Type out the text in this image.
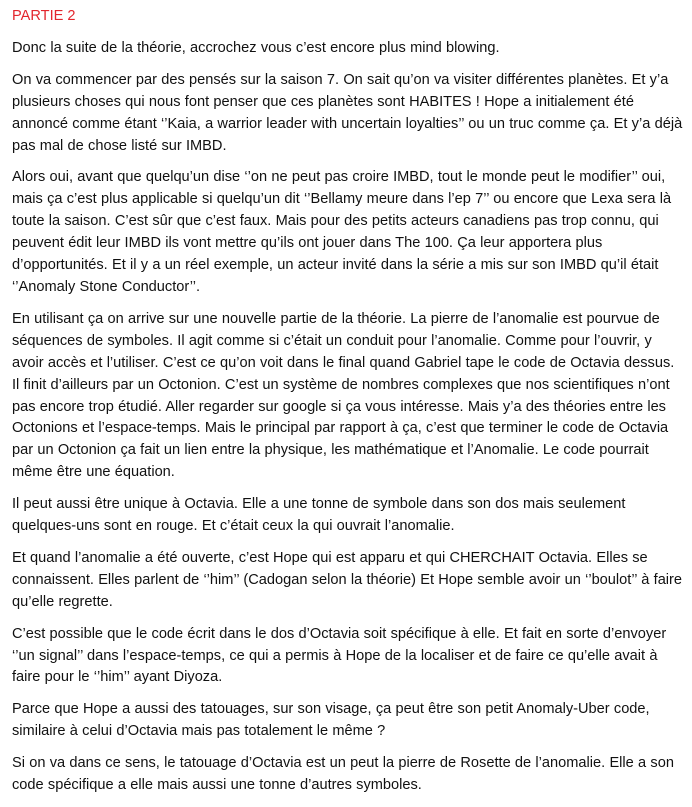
PARTIE 2

Donc la suite de la théorie, accrochez vous c’est encore plus mind blowing.

On va commencer par des pensés sur la saison 7. On sait qu’on va visiter différentes planètes. Et y’a plusieurs choses qui nous font penser que ces planètes sont HABITES ! Hope a initialement été annoncé comme étant ‘’Kaia, a warrior leader with uncertain loyalties’’ ou un truc comme ça. Et y’a déjà pas mal de chose listé sur IMBD.

Alors oui, avant que quelqu’un dise ‘’on ne peut pas croire IMBD, tout le monde peut le modifier’’ oui, mais ça c’est plus applicable si quelqu’un dit ‘’Bellamy meure dans l’ep 7’’ ou encore que Lexa sera là toute la saison. C’est sûr que c’est faux. Mais pour des petits acteurs canadiens pas trop connu, qui peuvent édit leur IMBD ils vont mettre qu’ils ont jouer dans The 100. Ça leur apportera plus d’opportunités. Et il y a un réel exemple, un acteur invité dans la série a mis sur son IMBD qu’il était ‘’Anomaly Stone Conductor’’.

En utilisant ça on arrive sur une nouvelle partie de la théorie. La pierre de l’anomalie est pourvue de séquences de symboles. Il agit comme si c’était un conduit pour l’anomalie. Comme pour l’ouvrir, y avoir accès et l’utiliser. C’est ce qu’on voit dans le final quand Gabriel tape le code de Octavia dessus. Il finit d’ailleurs par un Octonion. C’est un système de nombres complexes que nos scientifiques n’ont pas encore trop étudié. Aller regarder sur google si ça vous intéresse. Mais y’a des théories entre les Octonions et l’espace-temps. Mais le principal par rapport à ça, c’est que terminer le code de Octavia par un Octonion ça fait un lien entre la physique, les mathématique et l’Anomalie. Le code pourrait même être une équation.

Il peut aussi être unique à Octavia. Elle a une tonne de symbole dans son dos mais seulement quelques-uns sont en rouge. Et c’était ceux la qui ouvrait l’anomalie.

Et quand l’anomalie a été ouverte, c’est Hope qui est apparu et qui CHERCHAIT Octavia. Elles se connaissent. Elles parlent de ‘’him’’ (Cadogan selon la théorie) Et Hope semble avoir un ‘’boulot’’ à faire qu’elle regrette.

C’est possible que le code écrit dans le dos d’Octavia soit spécifique à elle. Et fait en sorte d’envoyer ‘’un signal’’ dans l’espace-temps, ce qui a permis à Hope de la localiser et de faire ce qu’elle avait à faire pour le ‘’him’’ ayant Diyoza.

Parce que Hope a aussi des tatouages, sur son visage, ça peut être son petit Anomaly-Uber code, similaire à celui d’Octavia mais pas totalement le même ?

Si on va dans ce sens, le tatouage d’Octavia est un peut la pierre de Rosette de l’anomalie. Elle a son code spécifique a elle mais aussi une tonne d’autres symboles.
